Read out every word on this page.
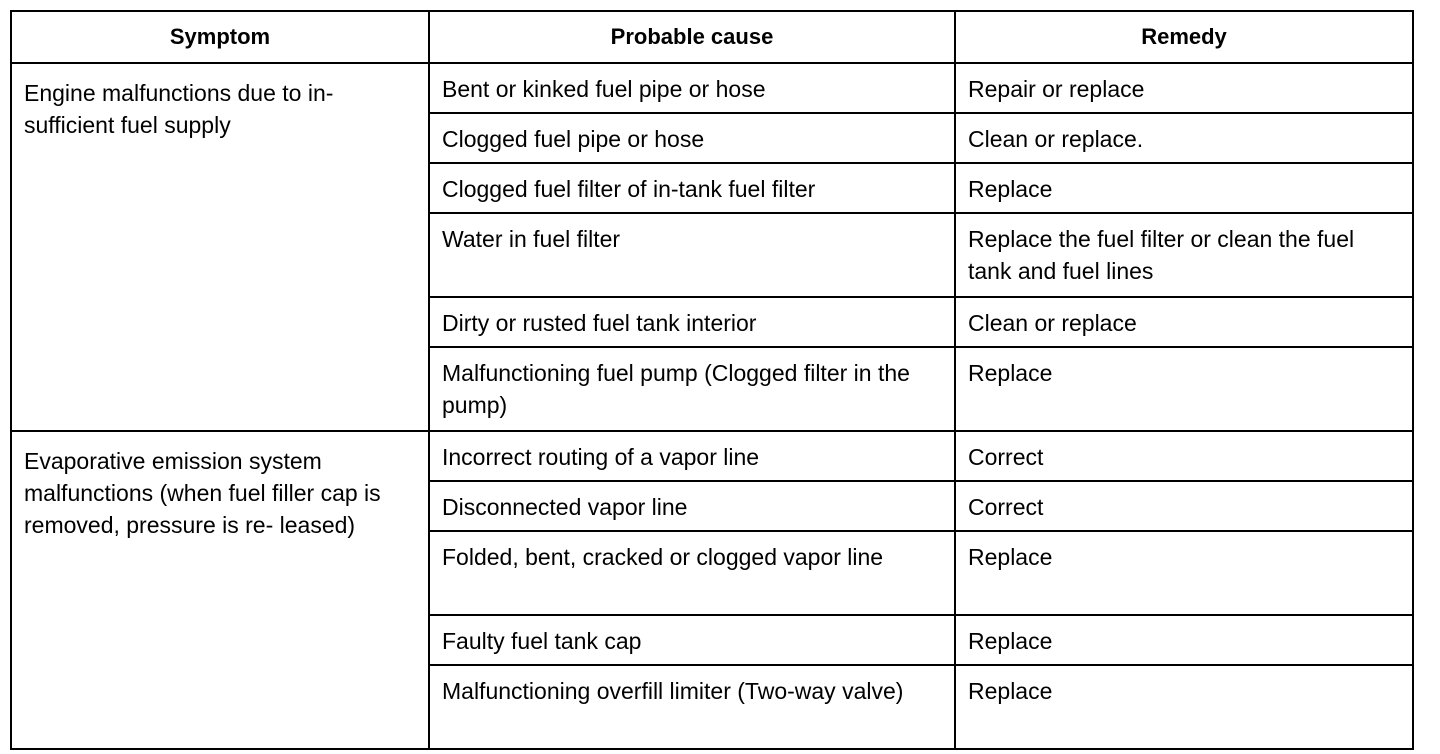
Symptom	Probable cause	Remedy
Engine malfunctions due to in- sufficient fuel supply	Bent or kinked fuel pipe or hose	Repair or replace
	Clogged fuel pipe or hose	Clean or replace.
	Clogged fuel filter of in-tank fuel filter	Replace
	Water in fuel filter	Replace the fuel filter or clean the fuel tank and fuel lines
	Dirty or rusted fuel tank interior	Clean or replace
	Malfunctioning fuel pump (Clogged filter in the pump)	Replace
Evaporative emission system malfunctions (when fuel filler cap is removed, pressure is re- leased)	Incorrect routing of a vapor line	Correct
	Disconnected vapor line	Correct
	Folded, bent, cracked or clogged vapor line	Replace
	Faulty fuel tank cap	Replace
	Malfunctioning overfill limiter (Two-way valve)	Replace
